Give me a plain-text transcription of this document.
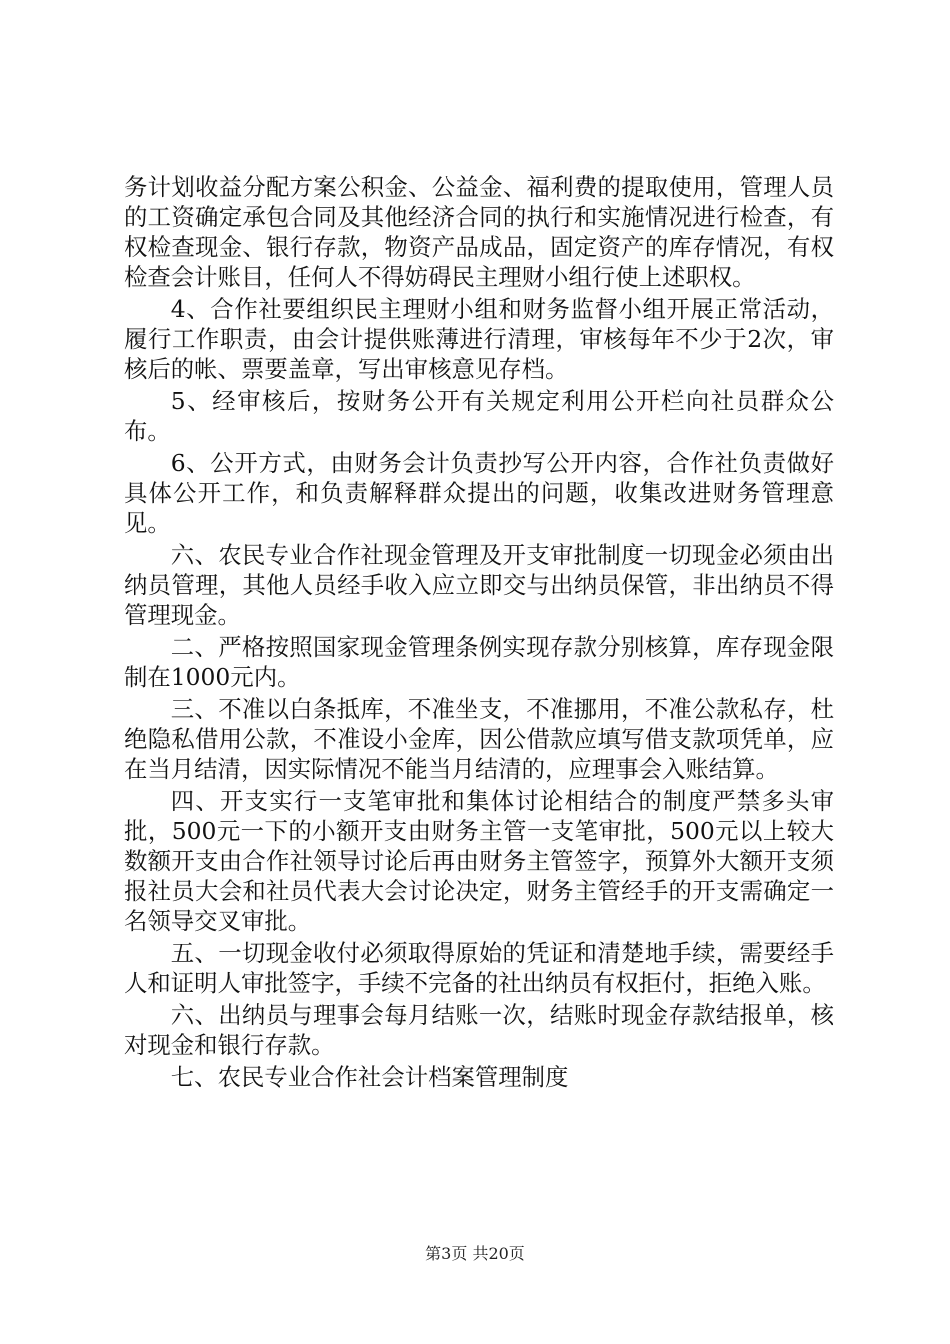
务计划收益分配方案公积金、公益金、福利费的提取使用，管理人员的工资确定承包合同及其他经济合同的执行和实施情况进行检查，有权检查现金、银行存款，物资产品成品，固定资产的库存情况，有权检查会计账目，任何人不得妨碍民主理财小组行使上述职权。

4、合作社要组织民主理财小组和财务监督小组开展正常活动，履行工作职责，由会计提供账薄进行清理，审核每年不少于2次，审核后的帐、票要盖章，写出审核意见存档。

5、经审核后，按财务公开有关规定利用公开栏向社员群众公布。

6、公开方式，由财务会计负责抄写公开内容，合作社负责做好具体公开工作，和负责解释群众提出的问题，收集改进财务管理意见。

六、农民专业合作社现金管理及开支审批制度一切现金必须由出纳员管理，其他人员经手收入应立即交与出纳员保管，非出纳员不得管理现金。

二、严格按照国家现金管理条例实现存款分别核算，库存现金限制在1000元内。

三、不准以白条抵库，不准坐支，不准挪用，不准公款私存，杜绝隐私借用公款，不准设小金库，因公借款应填写借支款项凭单，应在当月结清，因实际情况不能当月结清的，应理事会入账结算。

四、开支实行一支笔审批和集体讨论相结合的制度严禁多头审批，500元一下的小额开支由财务主管一支笔审批，500元以上较大数额开支由合作社领导讨论后再由财务主管签字，预算外大额开支须报社员大会和社员代表大会讨论决定，财务主管经手的开支需确定一名领导交叉审批。

五、一切现金收付必须取得原始的凭证和清楚地手续，需要经手人和证明人审批签字，手续不完备的社出纳员有权拒付，拒绝入账。

六、出纳员与理事会每月结账一次，结账时现金存款结报单，核对现金和银行存款。

七、农民专业合作社会计档案管理制度

第3页 共20页
